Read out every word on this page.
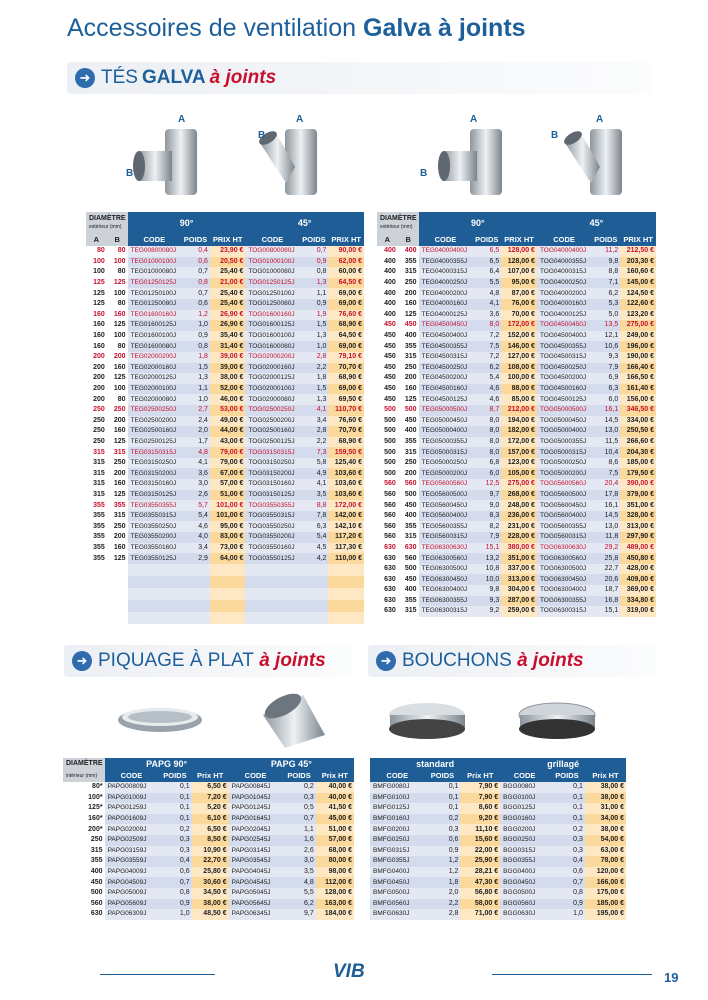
Accessoires de ventilation Galva à joints
VENTILATION
➜ TÉS GALVA à joints
A
B
B
A	A
B
B
A
DIAMÈTRE
extérieur (mm)		90°			45°		
A	B	CODE	POIDS	PRIX HT	CODE	POIDS	PRIX HT
80	80	TEG00800080J	0,4	23,90 €	TOG00800080J	0,7	90,00 €
100	100	TEG01000100J	0,6	20,50 €	TOG01000100J	0,9	62,00 €
100	80	TEG01000080J	0,7	25,40 €	TOG01000080J	0,8	60,00 €
125	125	TEG01250125J	0,8	21,00 €	TOG01250125J	1,3	64,50 €
125	100	TEG01250100J	0,7	25,40 €	TOG01250100J	1,1	69,00 €
125	80	TEG01250080J	0,6	25,40 €	TOG01250080J	0,9	69,00 €
160	160	TEG01600160J	1,2	26,90 €	TOG01600160J	1,9	76,60 €
160	125	TEG01600125J	1,0	26,90 €	TOG01600125J	1,5	68,90 €
160	100	TEG01600100J	0,9	35,40 €	TOG01600100J	1,3	64,50 €
160	80	TEG01600080J	0,8	31,40 €	TOG01600080J	1,0	69,00 €
200	200	TEG02000200J	1,8	39,00 €	TOG02000200J	2,8	79,10 €
200	160	TEG02000160J	1,5	39,00 €	TOG02000160J	2,2	70,70 €
200	125	TEG02000125J	1,3	38,00 €	TOG02000125J	1,8	68,90 €
200	100	TEG02000100J	1,1	52,00 €	TOG02000100J	1,5	69,00 €
200	80	TEG02000080J	1,0	46,00 €	TOG02000080J	1,3	69,50 €
250	250	TEG02500250J	2,7	53,00 €	TOG02500250J	4,1	110,70 €
250	200	TEG02500200J	2,4	49,00 €	TOG02500200J	3,4	76,60 €
250	160	TEG02500160J	2,0	44,00 €	TOG02500160J	2,8	70,70 €
250	125	TEG02500125J	1,7	43,00 €	TOG02500125J	2,2	68,90 €
315	315	TEG03150315J	4,8	79,00 €	TOG03150315J	7,3	159,50 €
315	250	TEG03150250J	4,1	79,00 €	TOG03150250J	5,8	125,40 €
315	200	TEG03150200J	3,6	67,00 €	TOG03150200J	4,9	103,60 €
315	160	TEG03150160J	3,0	57,00 €	TOG03150160J	4,1	103,60 €
315	125	TEG03150125J	2,6	51,00 €	TOG03150125J	3,5	103,60 €
355	355	TEG03550355J	5,7	101,00 €	TOG03550355J	8,8	172,00 €
355	315	TEG03550315J	5,4	101,00 €	TOG03550315J	7,8	142,00 €
355	250	TEG03550250J	4,6	95,00 €	TOG03550250J	6,3	142,10 €
355	200	TEG03550200J	4,0	83,00 €	TOG03550200J	5,4	117,20 €
355	160	TEG03550160J	3,4	73,00 €	TOG03550160J	4,5	117,30 €
355	125	TEG03550125J	2,9	64,00 €	TOG03550125J	4,2	110,00 €

DIAMÈTRE
extérieur (mm)		90°			45°		
A	B	CODE	POIDS	PRIX HT	CODE	POIDS	PRIX HT
400	400	TEG04000400J	6,5	128,00 €	TOG04000400J	11,2	212,50 €
400	355	TEG04000355J	6,5	128,00 €	TOG04000355J	9,8	203,30 €
400	315	TEG04000315J	6,4	107,00 €	TOG04000315J	8,8	160,60 €
400	250	TEG04000250J	5,5	95,00 €	TOG04000250J	7,1	145,00 €
400	200	TEG04000200J	4,8	87,00 €	TOG04000200J	6,2	124,50 €
400	160	TEG04000160J	4,1	76,00 €	TOG04000160J	5,3	122,60 €
400	125	TEG04000125J	3,6	70,00 €	TOG04000125J	5,0	123,20 €
450	450	TEG04500450J	8,0	172,00 €	TOG04500450J	13,5	275,00 €
450	400	TEG04500400J	7,2	152,00 €	TOG04500400J	12,1	249,00 €
450	355	TEG04500355J	7,5	146,00 €	TOG04500355J	10,6	196,00 €
450	315	TEG04500315J	7,2	127,00 €	TOG04500315J	9,3	190,00 €
450	250	TEG04500250J	6,2	108,00 €	TOG04500250J	7,9	166,40 €
450	200	TEG04500200J	5,4	100,00 €	TOG04500200J	6,9	166,50 €
450	160	TEG04500160J	4,6	88,00 €	TOG04500160J	6,3	161,40 €
450	125	TEG04500125J	4,6	85,00 €	TOG04500125J	6,0	156,00 €
500	500	TEG05000500J	8,7	212,00 €	TOG05000500J	16,1	346,50 €
500	450	TEG05000450J	8,0	194,00 €	TOG05000450J	14,5	334,00 €
500	400	TEG05000400J	8,0	182,00 €	TOG05000400J	13,0	250,50 €
500	355	TEG05000355J	8,0	172,00 €	TOG05000355J	11,5	266,60 €
500	315	TEG05000315J	8,0	157,00 €	TOG05000315J	10,4	204,30 €
500	250	TEG05000250J	6,8	123,00 €	TOG05000250J	8,6	185,00 €
500	200	TEG05000200J	6,0	105,00 €	TOG05000200J	7,5	179,50 €
560	560	TEG05600560J	12,5	275,00 €	TOG05600560J	20,4	390,00 €
560	500	TEG05600500J	9,7	268,00 €	TOG05600500J	17,8	379,00 €
560	450	TEG05600450J	9,0	248,00 €	TOG05600450J	16,1	351,00 €
560	400	TEG05600400J	8,3	236,00 €	TOG05600400J	14,5	328,00 €
560	355	TEG05600355J	8,2	231,00 €	TOG05600355J	13,0	313,00 €
560	315	TEG05600315J	7,9	228,00 €	TOG05600315J	11,8	297,90 €
630	630	TEG06300630J	15,1	380,00 €	TOG06300630J	29,2	489,00 €
630	560	TEG06300560J	13,2	351,00 €	TOG06300560J	25,8	450,80 €
630	500	TEG06300500J	10,8	337,00 €	TOG06300500J	22,7	428,00 €
630	450	TEG06300450J	10,0	313,00 €	TOG06300450J	20,6	409,00 €
630	400	TEG06300400J	9,8	304,00 €	TOG06300400J	18,7	369,00 €
630	355	TEG06300355J	9,3	287,00 €	TOG06300355J	16,8	334,80 €
630	315	TEG06300315J	9,2	259,00 €	TOG06300315J	15,1	319,00 €
➜ PIQUAGE À PLAT
à joints	➜ BOUCHONS
à joints
DIAMÈTRE	PAPG 90°			PAPG 45°		
intérieur (mm)	CODE	POIDS	Prix HT	CODE	POIDS	Prix HT
80*	PAPG00809J	0,1	6,50 €	PAPG00845J	0,2	40,00 €
100*	PAPG01009J	0,1	7,20 €	PAPG01045J	0,3	40,00 €
125*	PAPG01259J	0,1	5,20 €	PAPG01245J	0,5	41,50 €
160*	PAPG01609J	0,1	6,10 €	PAPG01645J	0,7	45,00 €
200*	PAPG02009J	0,2	6,50 €	PAPG02045J	1,1	51,00 €
250	PAPG02509J	0,3	8,50 €	PAPG02545J	1,6	57,00 €
315	PAPG03159J	0,3	10,90 €	PAPG03145J	2,6	68,00 €
355	PAPG03559J	0,4	22,70 €	PAPG03545J	3,0	80,00 €
400	PAPG04009J	0,6	25,80 €	PAPG04045J	3,5	98,00 €
450	PAPG04509J	0,7	30,60 €	PAPG04545J	4,8	112,00 €
500	PAPG05009J	0,8	34,50 €	PAPG05045J	5,5	128,00 €
560	PAPG05609J	0,9	38,00 €	PAPG05645J	6,2	163,00 €
630	PAPG06309J	1,0	48,50 €	PAPG06345J	9,7	184,00 €
standard			grillagé		
CODE	POIDS	Prix HT	CODE	POIDS	Prix HT
BMFG0080J	0,1	7,90 €	BGG0080J	0,1	38,00 €
BMFG0100J	0,1	7,90 €	BGG0100J	0,1	38,00 €
BMFG0125J	0,1	8,60 €	BGG0125J	0,1	31,00 €
BMFG0160J	0,2	9,20 €	BGG0160J	0,1	34,00 €
BMFG0200J	0,3	11,10 €	BGG0200J	0,2	38,00 €
BMFG0250J	0,6	15,60 €	BGG0250J	0,3	54,00 €
BMFG0315J	0,9	22,00 €	BGG0315J	0,3	63,00 €
BMFG0355J	1,2	25,90 €	BGG0355J	0,4	78,00 €
BMFG0400J	1,2	28,21 €	BGG0400J	0,6	120,00 €
BMFG0450J	1,8	47,30 €	BGG0450J	0,7	166,00 €
BMFG0500J	2,0	56,80 €	BGG0500J	0,8	175,00 €
BMFG0560J	2,2	58,00 €	BGG0560J	0,9	185,00 €
BMFG0630J	2,8	71,00 €	BGG0630J	1,0	195,00 €
VIB	19
